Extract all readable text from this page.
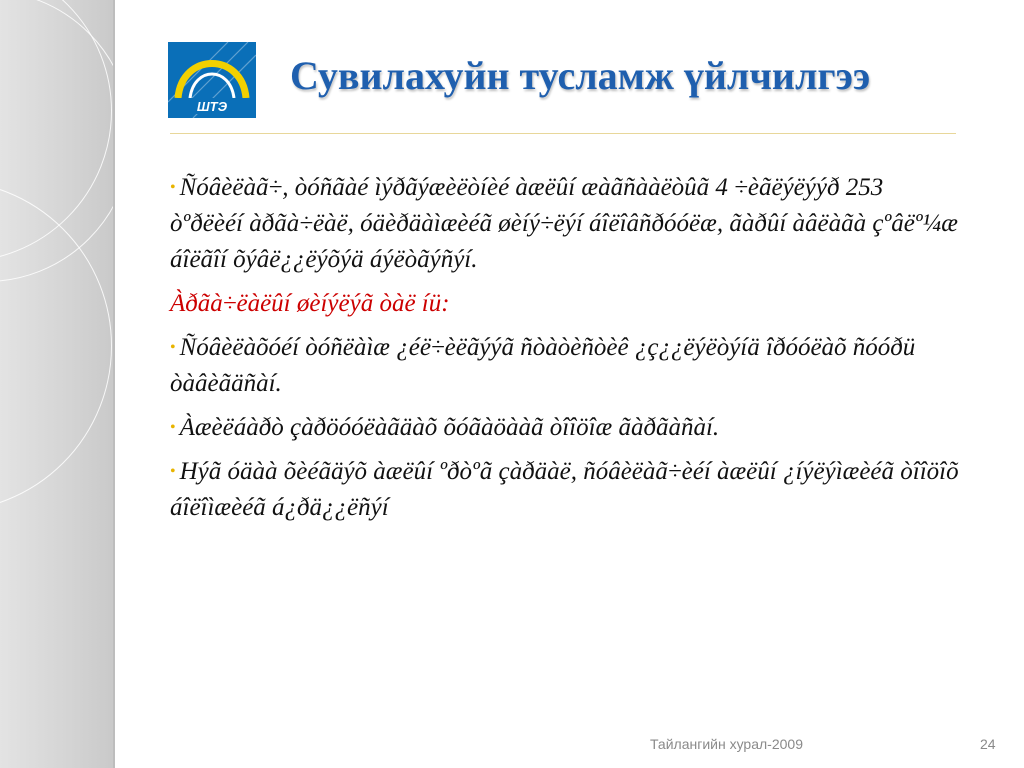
ШТЭ
Сувилахуйн тусламж үйлчилгээ

• Ñóâèëàã÷, òóñãàé ìýðãýæèëòíèé àæëûí æàãñààëòûã 4 ÷èãëýëýýð 253 òºðëèéí àðãà÷ëàë, óäèðäàìæèéã øèíý÷ëýí áîëîâñðóóëæ, ãàðûí àâëàãà çºâëº¼æ áîëãîí õýâë¿¿ëýõýä áýëòãýñýí.

Àðãà÷ëàëûí øèíýëýã òàë íü:

• Ñóâèëàõóéí òóñëàìæ ¿éë÷èëãýýã ñòàòèñòèê ¿ç¿¿ëýëòýíä îðóóëàõ ñóóðü òàâèãäñàí.

• Àæèëáàðò çàðöóóëàãäàõ õóãàöààã òîîöîæ ãàðãàñàí.

• Нýã óäàà õèéãäýõ àæëûí ºðòºã çàðäàë, ñóâèëàã÷èéí àæëûí ¿íýëýìæèéã òîîöîõ áîëîìæèéã á¿ðä¿¿ëñýí

Тайлангийн хурал-2009	24
